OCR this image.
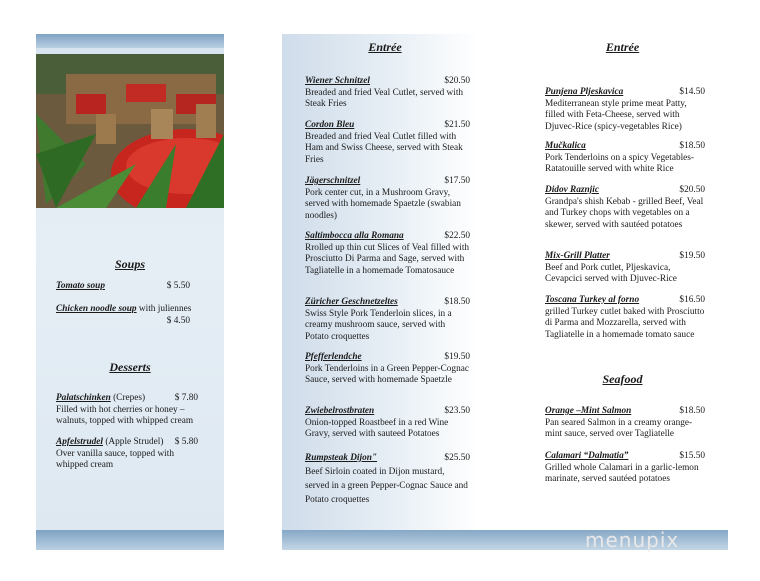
Soups
Tomato soup	$ 5.50
Chicken noodle soup with juliennes
$ 4.50
Desserts
Palatschinken (Crepes)	$ 7.80
Filled with hot cherries or honey – walnuts, topped with whipped cream
Apfelstrudel (Apple Strudel) $ 5.80
Over vanilla sauce, topped with whipped cream
Entrée
Wiener Schnitzel	$20.50
Breaded and fried Veal Cutlet, served with Steak Fries
Cordon Bleu	$21.50
Breaded and fried Veal Cutlet filled with Ham and Swiss Cheese, served with Steak Fries
Jägerschnitzel	$17.50
Pork center cut, in a Mushroom Gravy, served with homemade Spaetzle (swabian noodles)
Saltimbocca alla Romana	$22.50
Rrolled up thin cut Slices of Veal filled with Prosciutto Di Parma and Sage, served with Tagliatelle in a homemade Tomatosauce
Züricher Geschnetzeltes	$18.50
Swiss Style Pork Tenderloin slices, in a creamy mushroom sauce, served with Potato croquettes
Pfefferlendche	$19.50
Pork Tenderloins in a Green Pepper-Cognac Sauce, served with homemade Spaetzle
Zwiebelrostbraten	$23.50
Onion-topped Roastbeef in a red Wine Gravy, served with sauteed Potatoes
Rumpsteak Dijon"	$25.50
Beef Sirloin coated in Dijon mustard, served in a green Pepper-Cognac Sauce and Potato croquettes
Entrée
Punjena Pljeskavica	$14.50
Mediterranean style prime meat Patty, filled with Feta-Cheese, served with Djuvec-Rice (spicy-vegetables Rice)
Mučkalica	$18.50
Pork Tenderloins on a spicy Vegetables-Ratatouille served with white Rice
Didov Raznjic	$20.50
Grandpa's shish Kebab - grilled Beef, Veal and Turkey chops with vegetables on a skewer, served with sautéed potatoes
Mix-Grill Platter	$19.50
Beef and Pork cutlet, Pljeskavica, Cevapcici served with Djuvec-Rice
Toscana Turkey al forno	$16.50
grilled Turkey cutlet baked with Prosciutto di Parma and Mozzarella, served with Tagliatelle in a homemade tomato sauce
Seafood
Orange –Mint Salmon	$18.50
Pan seared Salmon in a creamy orange-mint sauce, served over Tagliatelle
Calamari “Dalmatia”	$15.50
Grilled whole Calamari in a garlic-lemon marinate, served sautéed potatoes
menupix
